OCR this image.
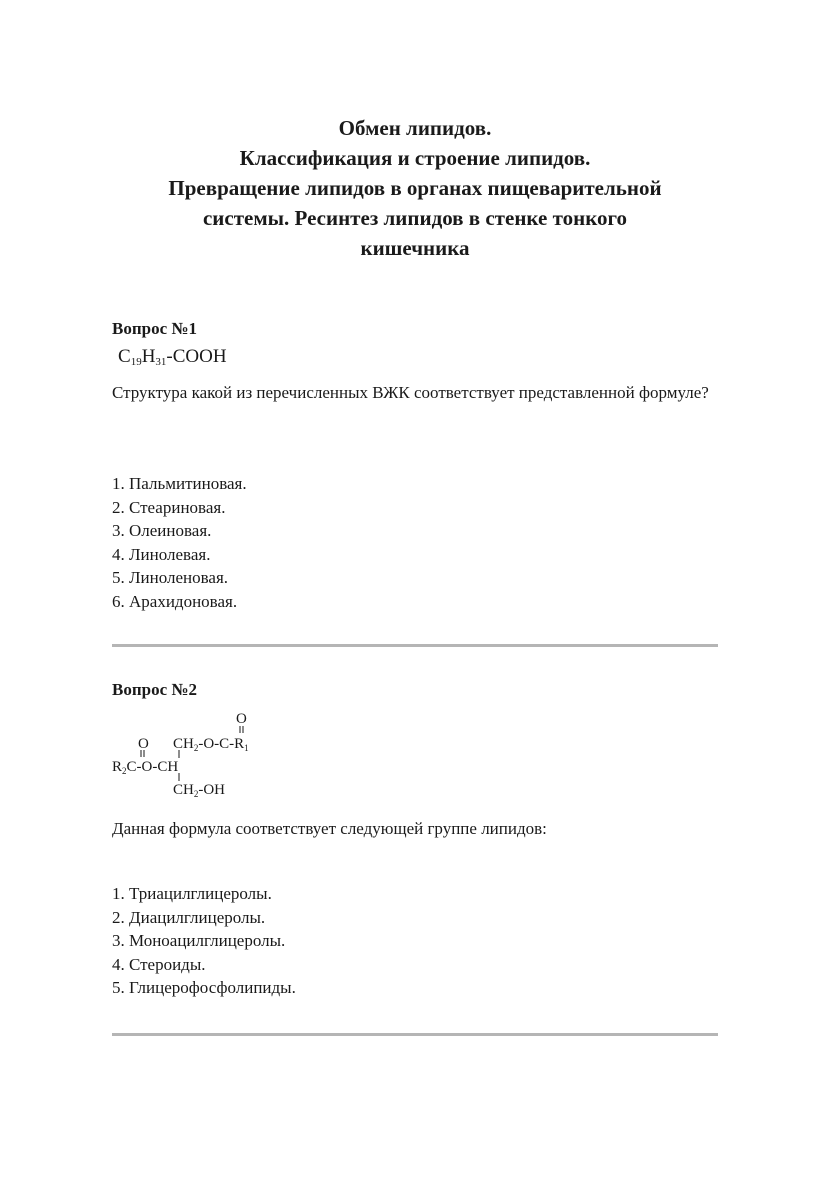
Обмен липидов.
Классификация и строение липидов.
Превращение липидов в органах пищеварительной
системы. Ресинтез липидов в стенке тонкого
кишечника
Вопрос №1
$C_{19}H_{31}$-COOH
Структура какой из перечисленных ВЖК соответствует представленной формуле?
1. Пальмитиновая.
2. Стеариновая.
3. Олеиновая.
4. Линолевая.
5. Линоленовая.
6. Арахидоновая.
Вопрос №2
O
O $CH_2-O-C-R_1$
$R_2C-O-CH$
$CH_2-OH$
Данная формула соответствует следующей группе липидов:
1. Триацилглицеролы.
2. Диацилглицеролы.
3. Моноацилглицеролы.
4. Стероиды.
5. Глицерофосфолипиды.
